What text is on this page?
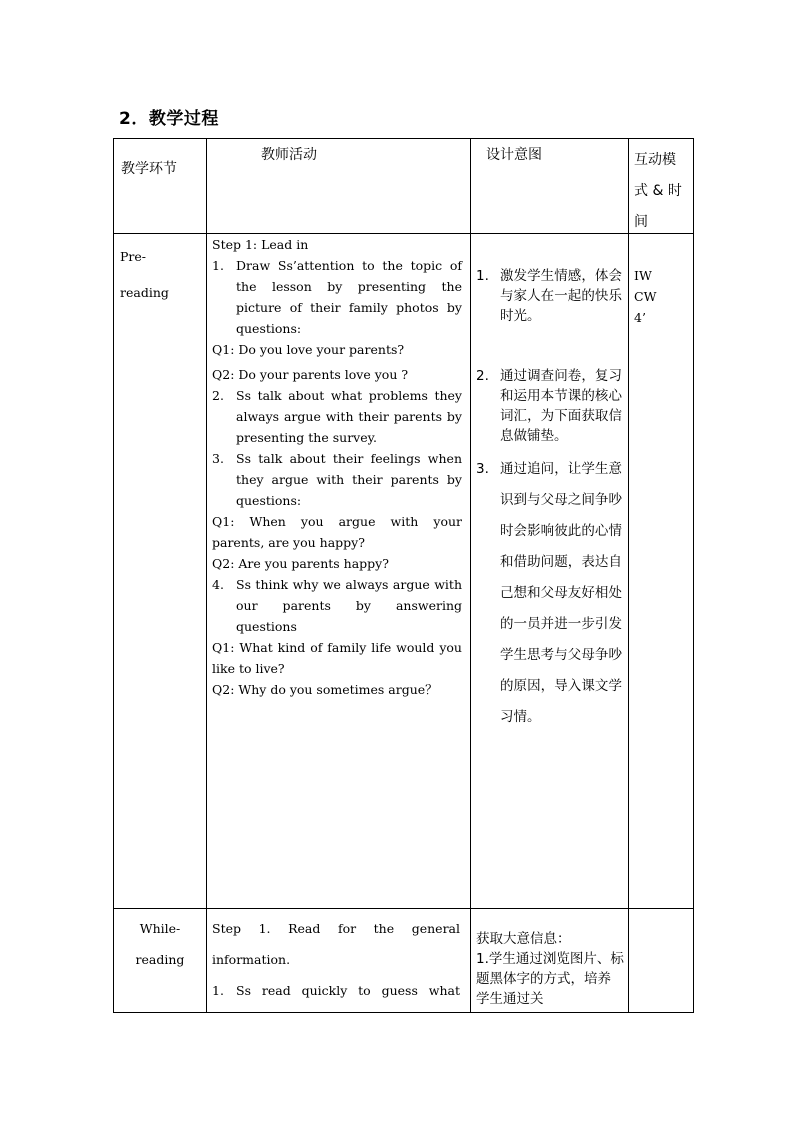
2．教学过程
教学环节
教师活动	设计意图	互动模
式 & 时
间
Pre-
reading
Step 1: Lead in
1. Draw Ss’attention to the topic of the lesson by presenting the picture of their family photos by questions:
Q1: Do you love your parents?
Q2: Do your parents love you ?
2. Ss talk about what problems they always argue with their parents by presenting the survey.
3. Ss talk about their feelings when they argue with their parents by questions:
Q1: When you argue with your parents, are you happy?
Q2: Are you parents happy?
4. Ss think why we always argue with our parents by answering questions
Q1: What kind of family life would you like to live?
Q2: Why do you sometimes argue？
1. 激发学生情感，体会与家人在一起的快乐时光。
2. 通过调查问卷，复习和运用本节课的核心词汇，为下面获取信息做铺垫。
3. 通过追问，让学生意识到与父母之间争吵时会影响彼此的心情和借助问题，表达自己想和父母友好相处的一员并进一步引发学生思考与父母争吵的原因，导入课文学习情。
IW
CW
4’
While-
reading
Step 1. Read for the general information.
1. Ss read quickly to guess what
获取大意信息：
1.学生通过浏览图片、标题黑体字的方式，培养学生通过关
